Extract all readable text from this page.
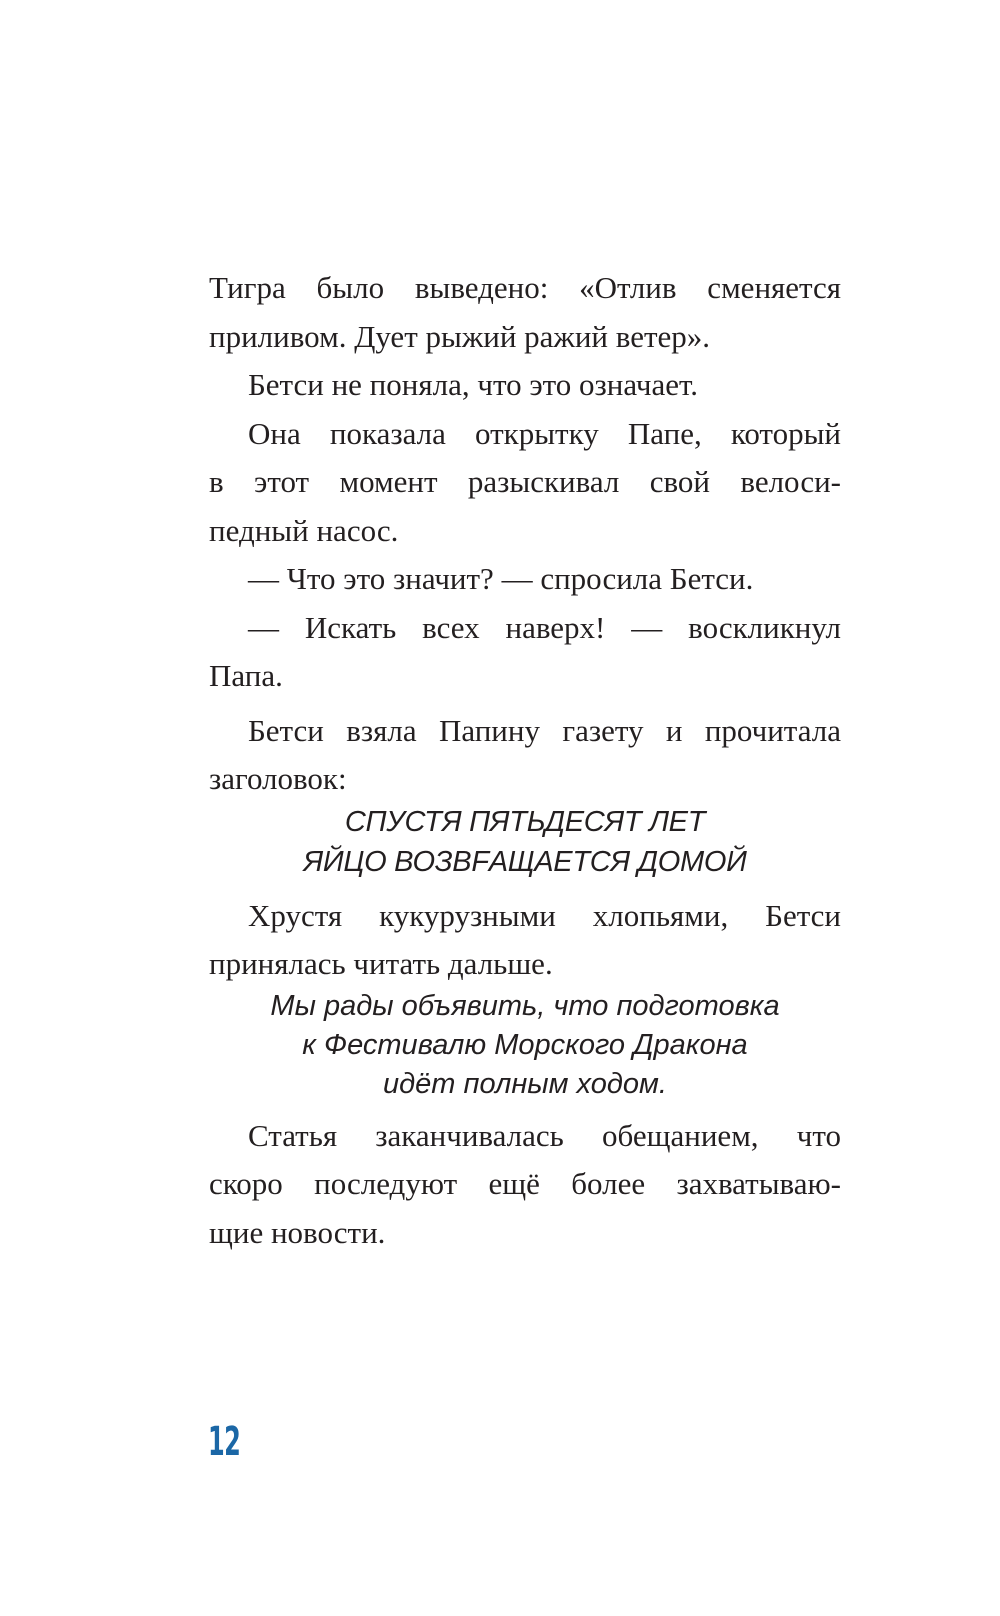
Тигра было выведено: «Отлив сменяется

приливом. Дует рыжий ражий ветер».

Бетси не поняла, что это означает.

Она показала открытку Папе, который

в этот момент разыскивал свой велоси-

педный насос.

— Что это значит? — спросила Бетси.

— Искать всех наверх! — воскликнул

Папа.

Бетси взяла Папину газету и прочитала

заголовок:

СПУСТЯ ПЯТЬДЕСЯТ ЛЕТ
ЯЙЦО ВОЗВFАЩАЕТСЯ ДОМОЙ

Хрустя кукурузными хлопьями, Бетси

принялась читать дальше.

Мы рады объявить, что подготовка
к Фестивалю Морского Дракона
идёт полным ходом.

Статья заканчивалась обещанием, что

скоро последуют ещё более захватываю-

щие новости.

12
